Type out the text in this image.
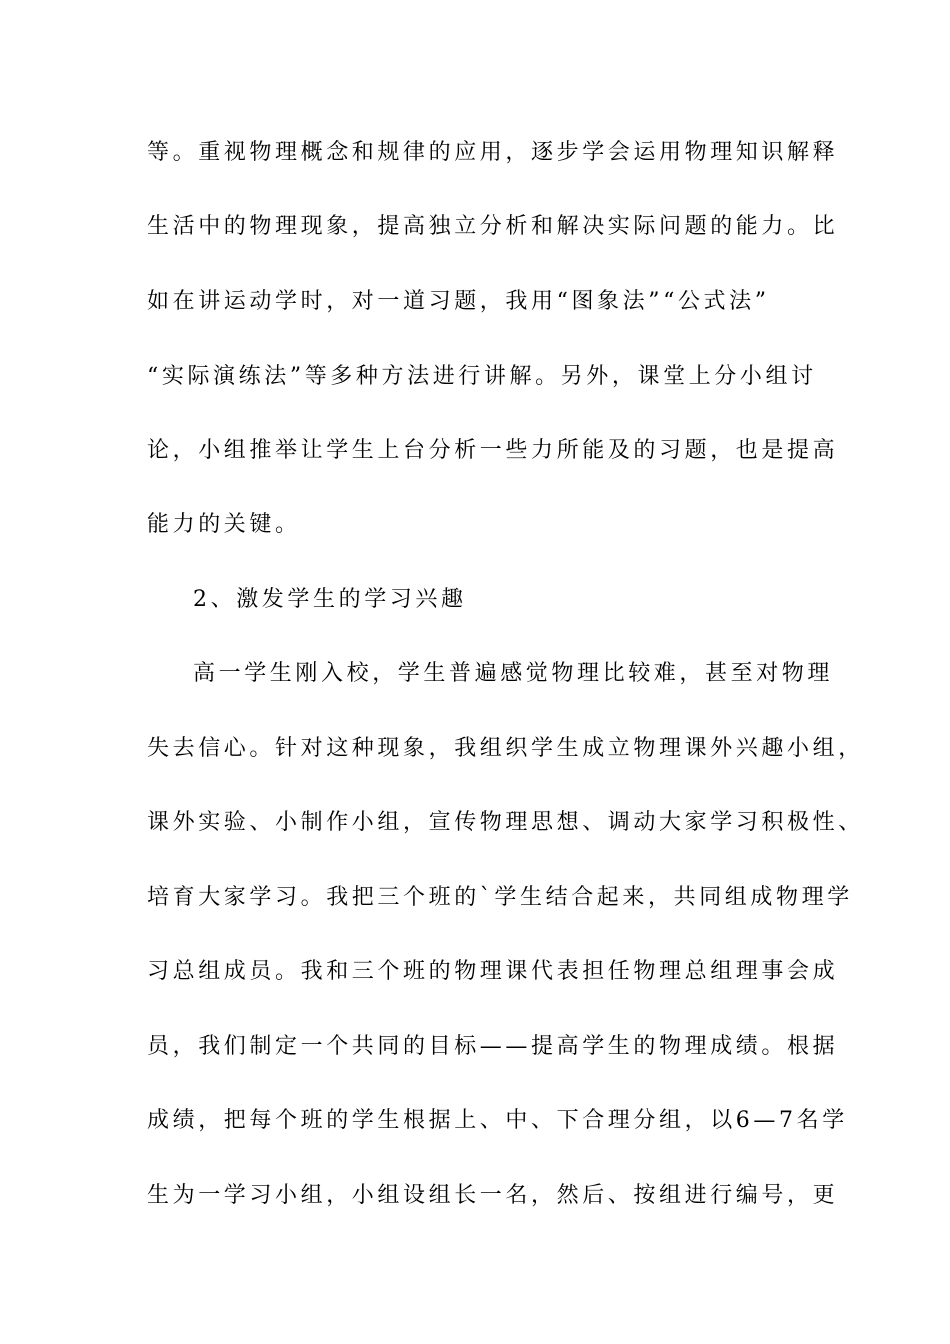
等。重视物理概念和规律的应用，逐步学会运用物理知识解释
生活中的物理现象，提高独立分析和解决实际问题的能力。比
如在讲运动学时，对一道习题，我用“图象法”“公式法”
“实际演练法”等多种方法进行讲解。另外，课堂上分小组讨
论，小组推举让学生上台分析一些力所能及的习题，也是提高
能力的关键。
2、激发学生的学习兴趣
高一学生刚入校，学生普遍感觉物理比较难，甚至对物理
失去信心。针对这种现象，我组织学生成立物理课外兴趣小组，
课外实验、小制作小组，宣传物理思想、调动大家学习积极性、
培育大家学习。我把三个班的`学生结合起来，共同组成物理学
习总组成员。我和三个班的物理课代表担任物理总组理事会成
员，我们制定一个共同的目标——提高学生的物理成绩。根据
成绩，把每个班的学生根据上、中、下合理分组，以6—7名学
生为一学习小组，小组设组长一名，然后、按组进行编号，更
